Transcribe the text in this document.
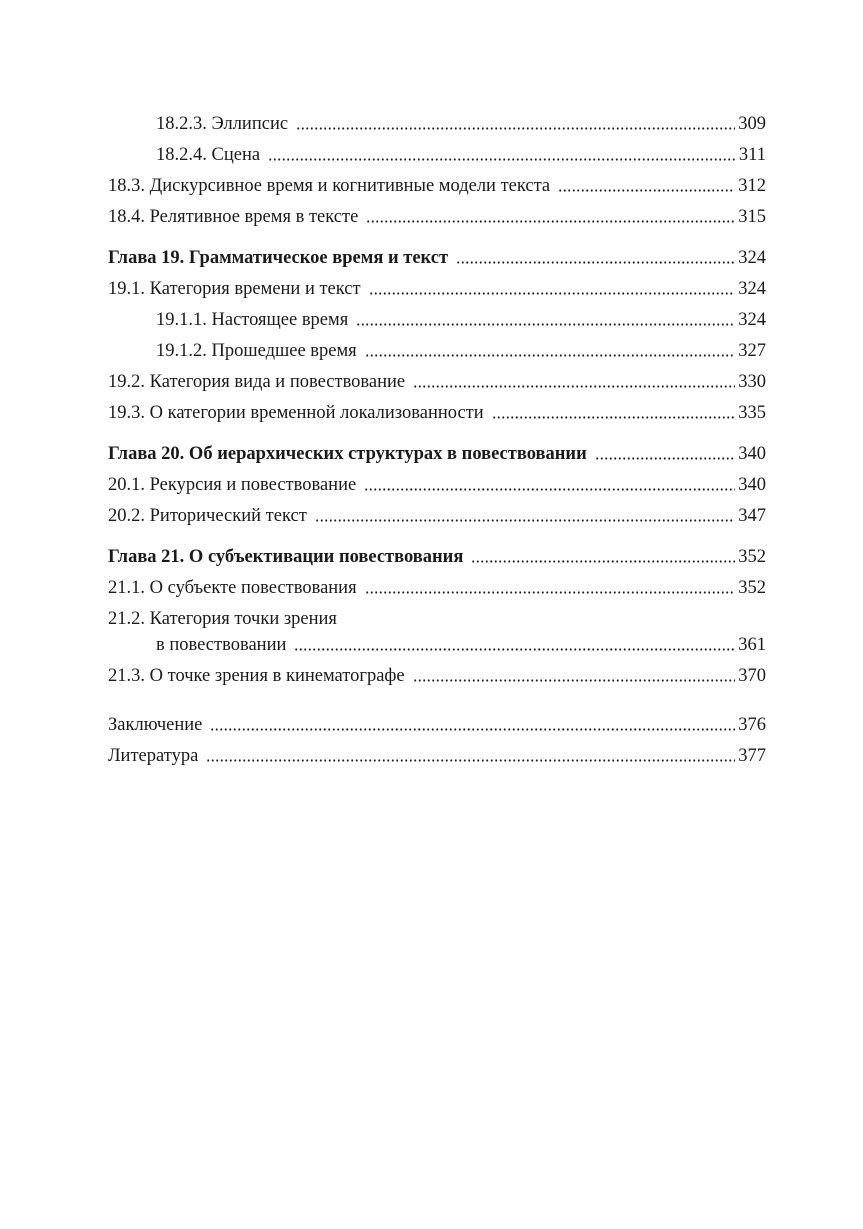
18.2.3. Эллипсис	309
18.2.4. Сцена	311
18.3. Дискурсивное время и когнитивные модели текста	312
18.4. Релятивное время в тексте	315
Глава 19. Грамматическое время и текст	324
19.1. Категория времени и текст	324
19.1.1. Настоящее время	324
19.1.2. Прошедшее время	327
19.2. Категория вида и повествование	330
19.3. О категории временной локализованности	335
Глава 20. Об иерархических структурах в повествовании	340
20.1. Рекурсия и повествование	340
20.2. Риторический текст	347
Глава 21. О субъективации повествования	352
21.1. О субъекте повествования	352
21.2. Категория точки зрения
в повествовании	361
21.3. О точке зрения в кинематографе	370
Заключение	376
Литература	377
